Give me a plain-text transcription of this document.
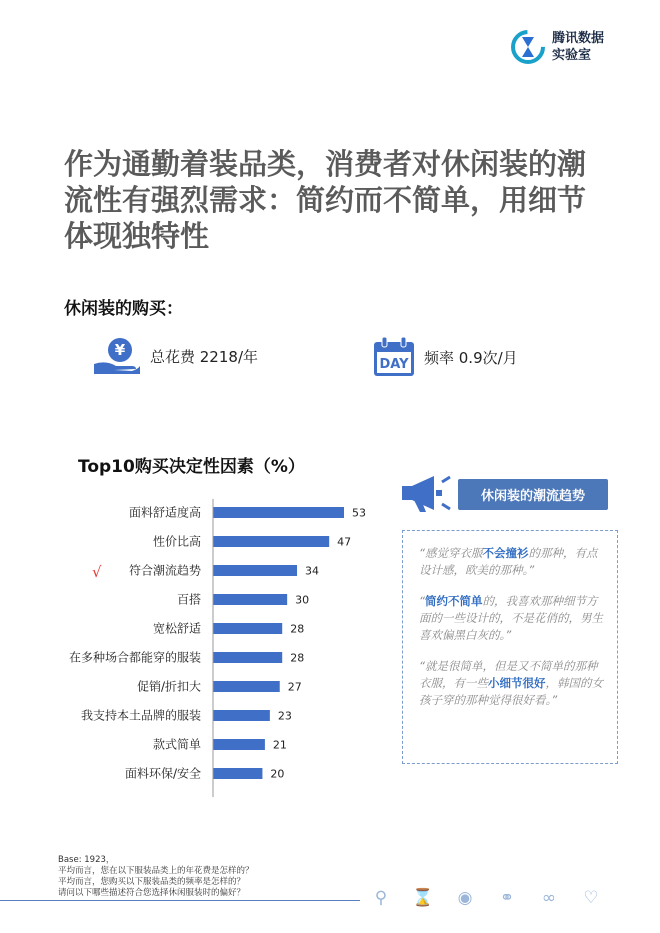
腾讯数据
实验室
作为通勤着装品类，消费者对休闲装的潮
流性有强烈需求：简约而不简单，用细节
体现独特性
休闲装的购买：
¥ 总花费 2218/年	DAY 频率 0.9次/月
Top10购买决定性因素（%）
面料舒适度高	53
性价比高	47
符合潮流趋势	34
百搭	30
宽松舒适	28
在多种场合都能穿的服装	28
促销/折扣大	27
我支持本土品牌的服装	23
款式简单	21
面料环保/安全	20
√
休闲装的潮流趋势

“感觉穿衣服不会撞衫的那种，有点设计感，欧美的那种。”

“简约不简单的，我喜欢那种细节方面的一些设计的，不是花俏的，男生喜欢偏黑白灰的。”

“就是很简单，但是又不简单的那种衣服，有一些小细节很好，韩国的女孩子穿的那种觉得很好看。”

Base: 1923，
平均而言，您在以下服装品类上的年花费是怎样的？
平均而言，您购买以下服装品类的频率是怎样的？
请问以下哪些描述符合您选择休闲服装时的偏好？	⚲	⌛	◉	⚭	∞	♡
